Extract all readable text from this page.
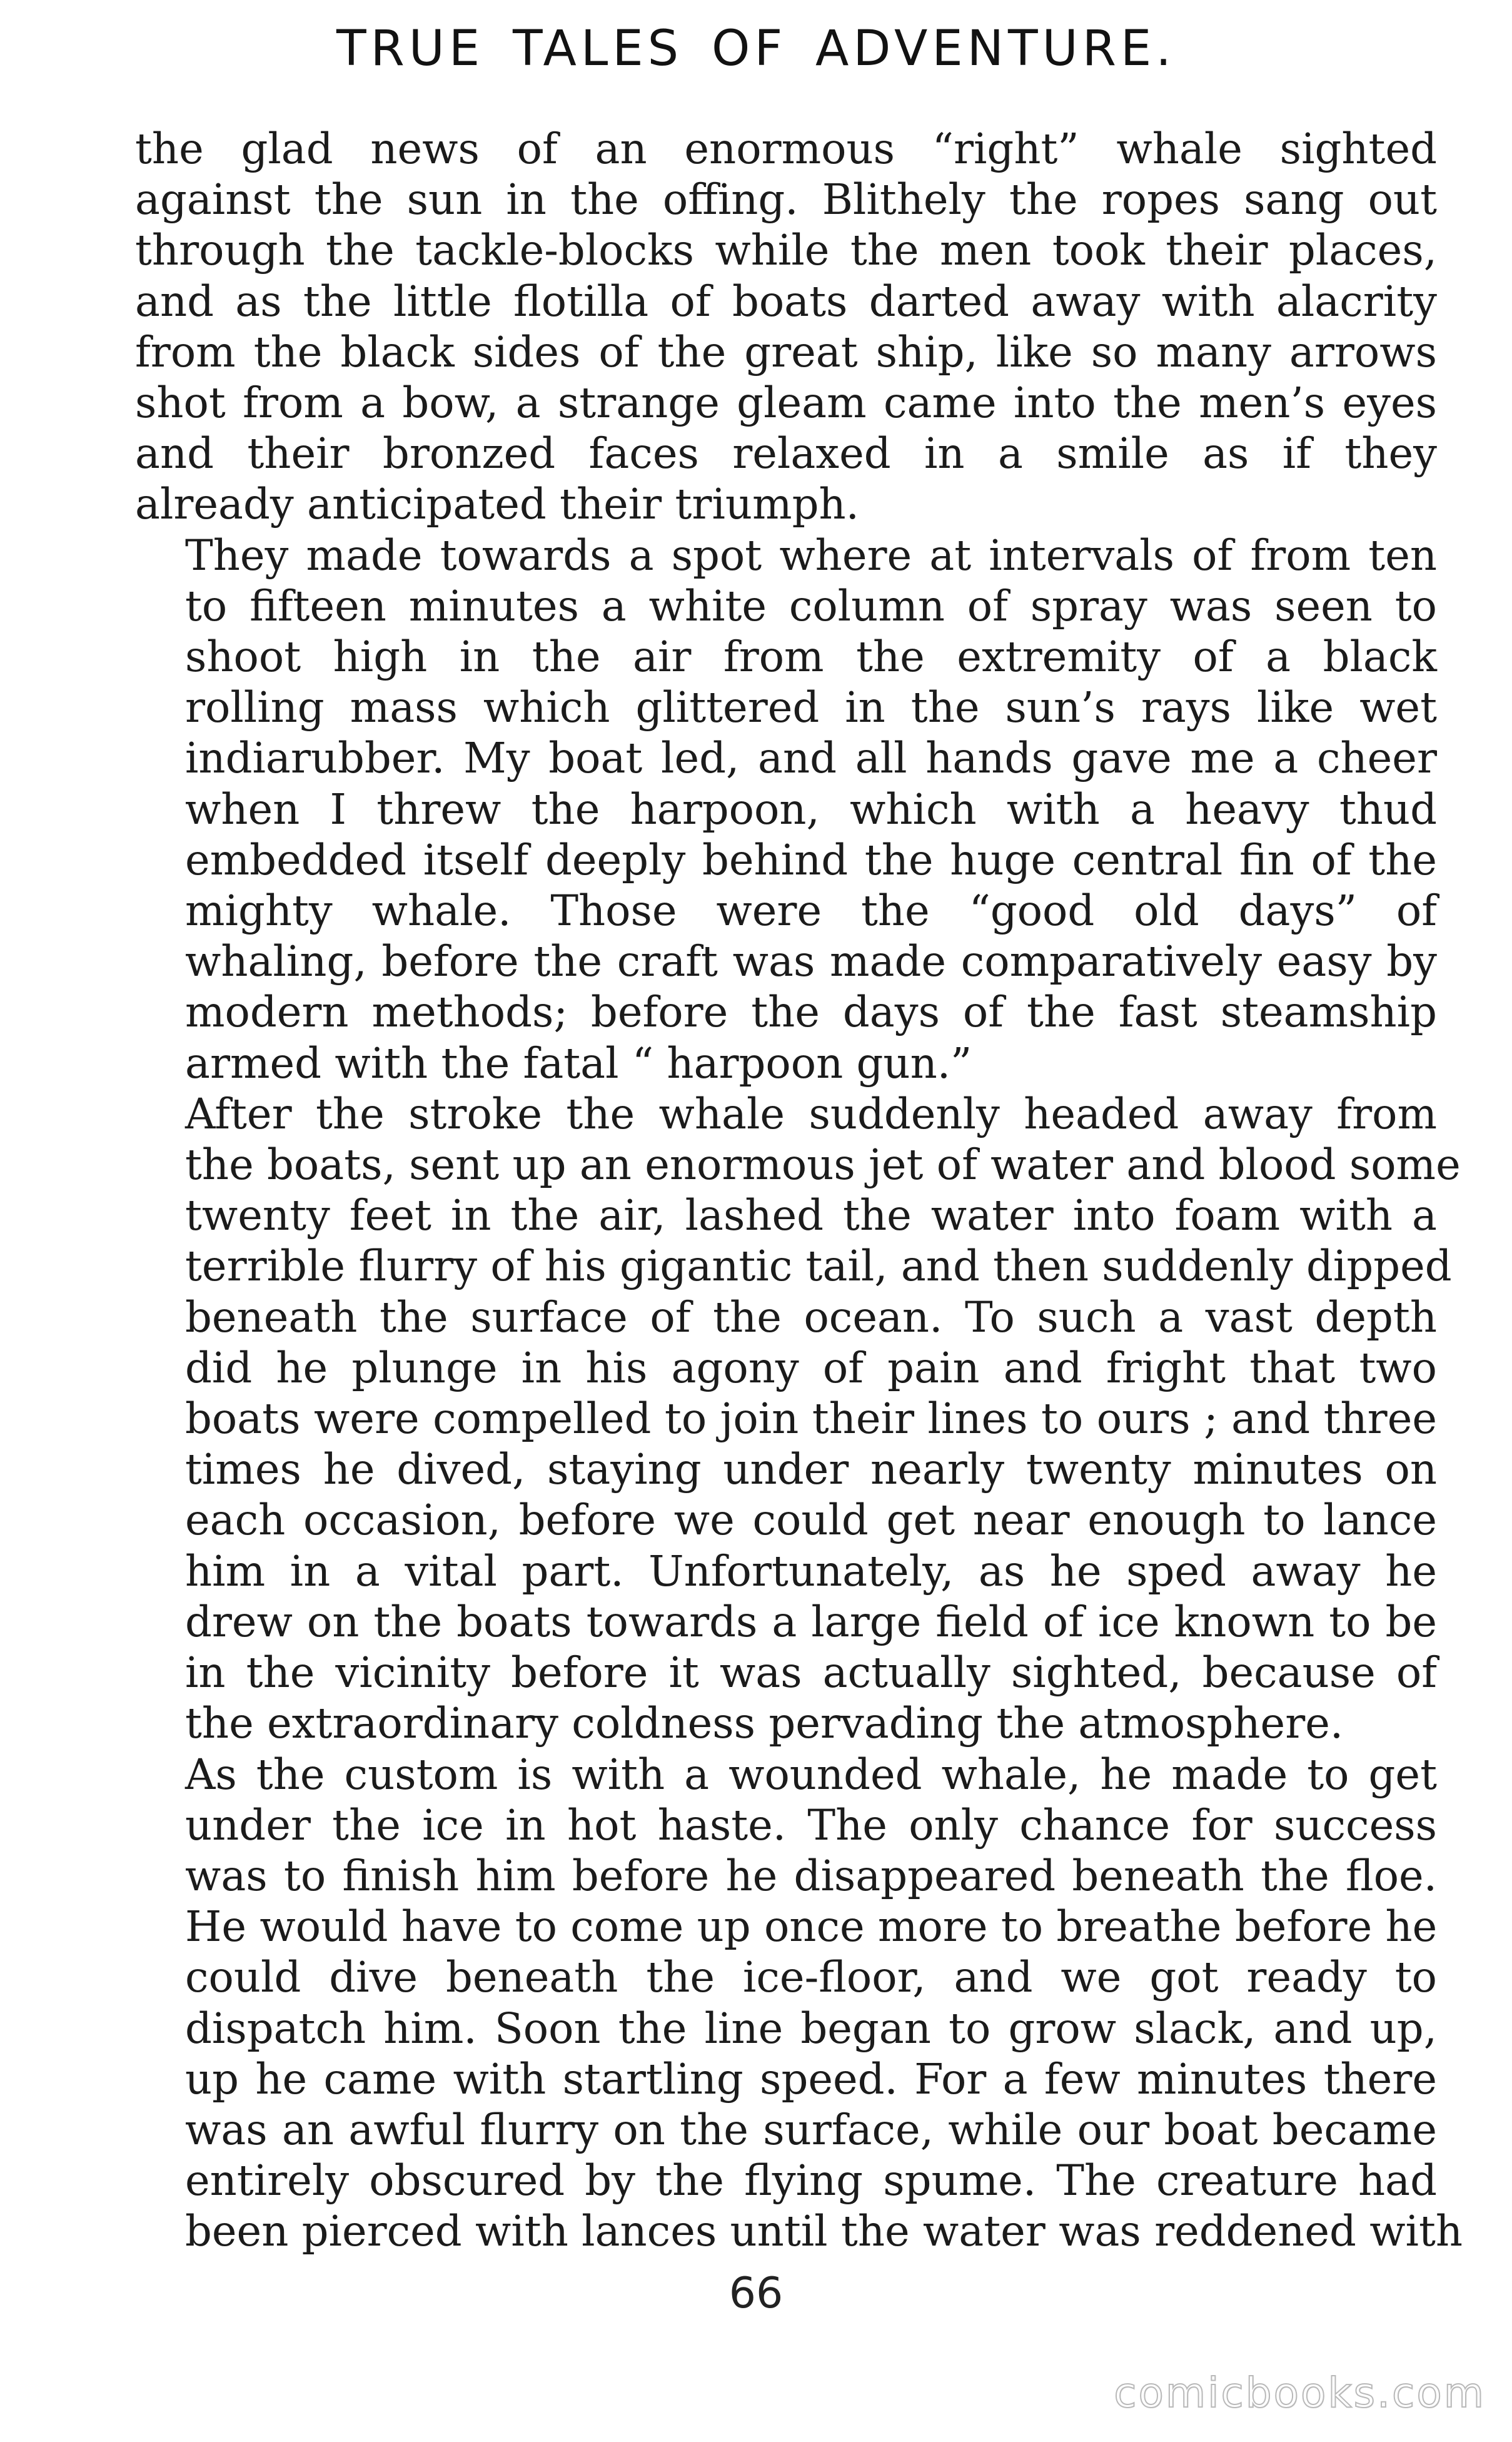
TRUE TALES OF ADVENTURE.

the glad news of an enormous “right” whale sighted
against the sun in the offing. Blithely the ropes sang out
through the tackle-blocks while the men took their places,
and as the little flotilla of boats darted away with alacrity
from the black sides of the great ship, like so many arrows
shot from a bow, a strange gleam came into the men’s eyes
and their bronzed faces relaxed in a smile as if they
already anticipated their triumph.

They made towards a spot where at intervals of from ten
to fifteen minutes a white column of spray was seen to
shoot high in the air from the extremity of a black
rolling mass which glittered in the sun’s rays like wet
indiarubber. My boat led, and all hands gave me a cheer
when I threw the harpoon, which with a heavy thud
embedded itself deeply behind the huge central fin of the
mighty whale. Those were the “good old days” of
whaling, before the craft was made comparatively easy by
modern methods; before the days of the fast steamship
armed with the fatal “ harpoon gun.”

After the stroke the whale suddenly headed away from
the boats, sent up an enormous jet of water and blood some
twenty feet in the air, lashed the water into foam with a
terrible flurry of his gigantic tail, and then suddenly dipped
beneath the surface of the ocean. To such a vast depth
did he plunge in his agony of pain and fright that two
boats were compelled to join their lines to ours ; and three
times he dived, staying under nearly twenty minutes on
each occasion, before we could get near enough to lance
him in a vital part. Unfortunately, as he sped away he
drew on the boats towards a large field of ice known to be
in the vicinity before it was actually sighted, because of
the extraordinary coldness pervading the atmosphere.

As the custom is with a wounded whale, he made to get
under the ice in hot haste. The only chance for success
was to finish him before he disappeared beneath the floe.
He would have to come up once more to breathe before he
could dive beneath the ice-floor, and we got ready to
dispatch him. Soon the line began to grow slack, and up,
up he came with startling speed. For a few minutes there
was an awful flurry on the surface, while our boat became
entirely obscured by the flying spume. The creature had
been pierced with lances until the water was reddened with

66
comicbooks.com
